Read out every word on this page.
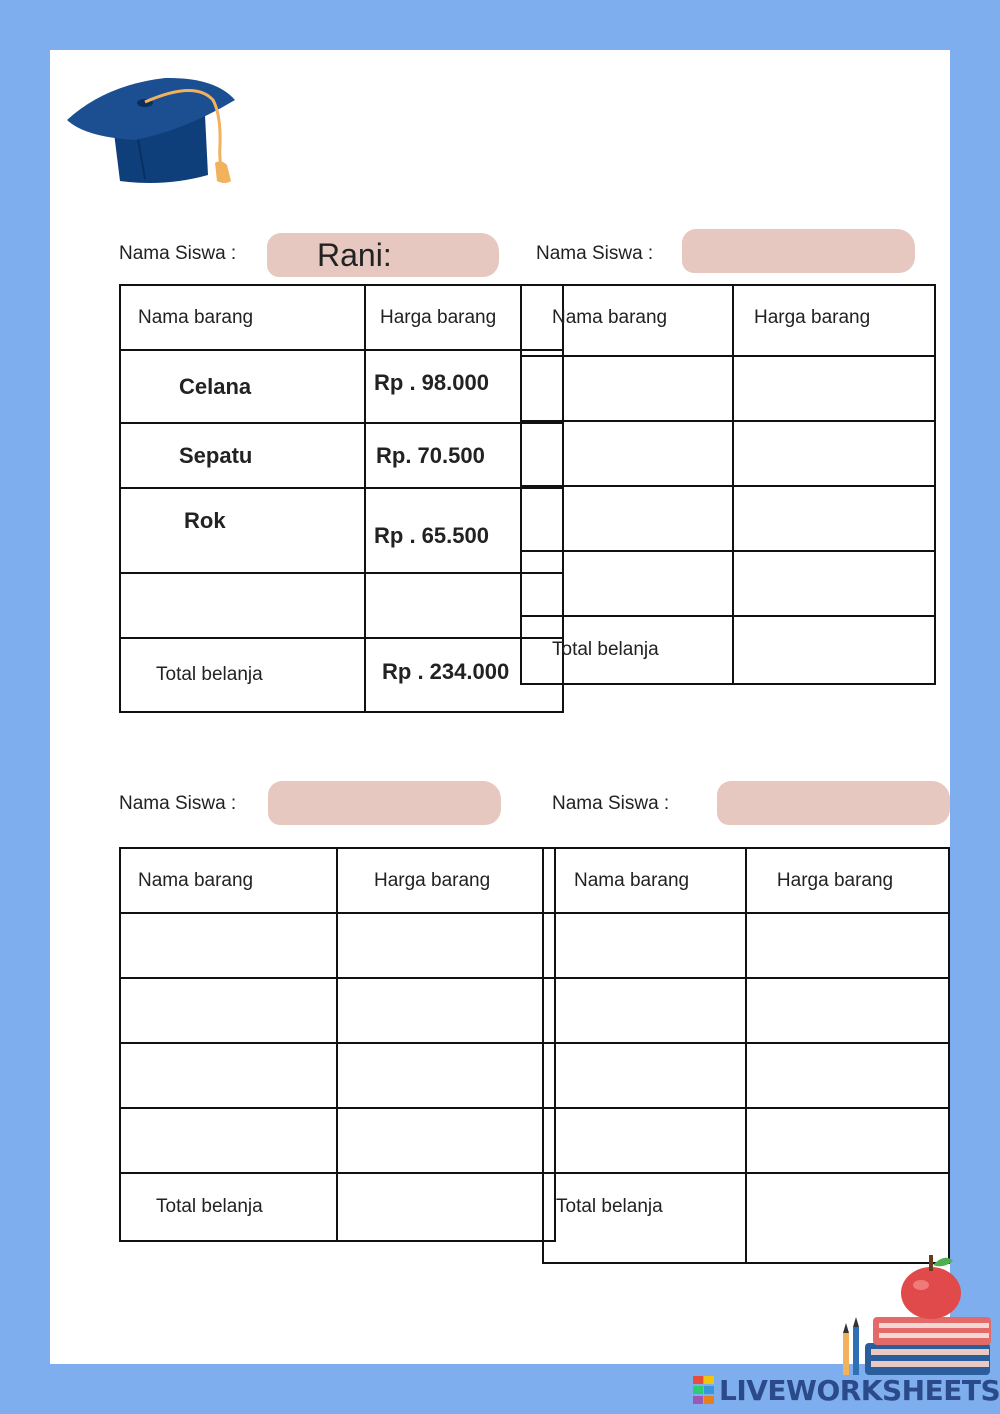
Nama Siswa :	Rani:
Nama barang	Harga barang
Celana	Rp . 98.000
Sepatu	Rp. 70.500
Rok	Rp . 65.500

Total belanja	Rp . 234.000
Nama Siswa :
Nama barang	Harga barang

Total belanja	
Nama Siswa :
Nama barang	Harga barang

Total belanja	
Nama Siswa :
Nama barang	Harga barang

Total belanja	
LIVEWORKSHEETS
